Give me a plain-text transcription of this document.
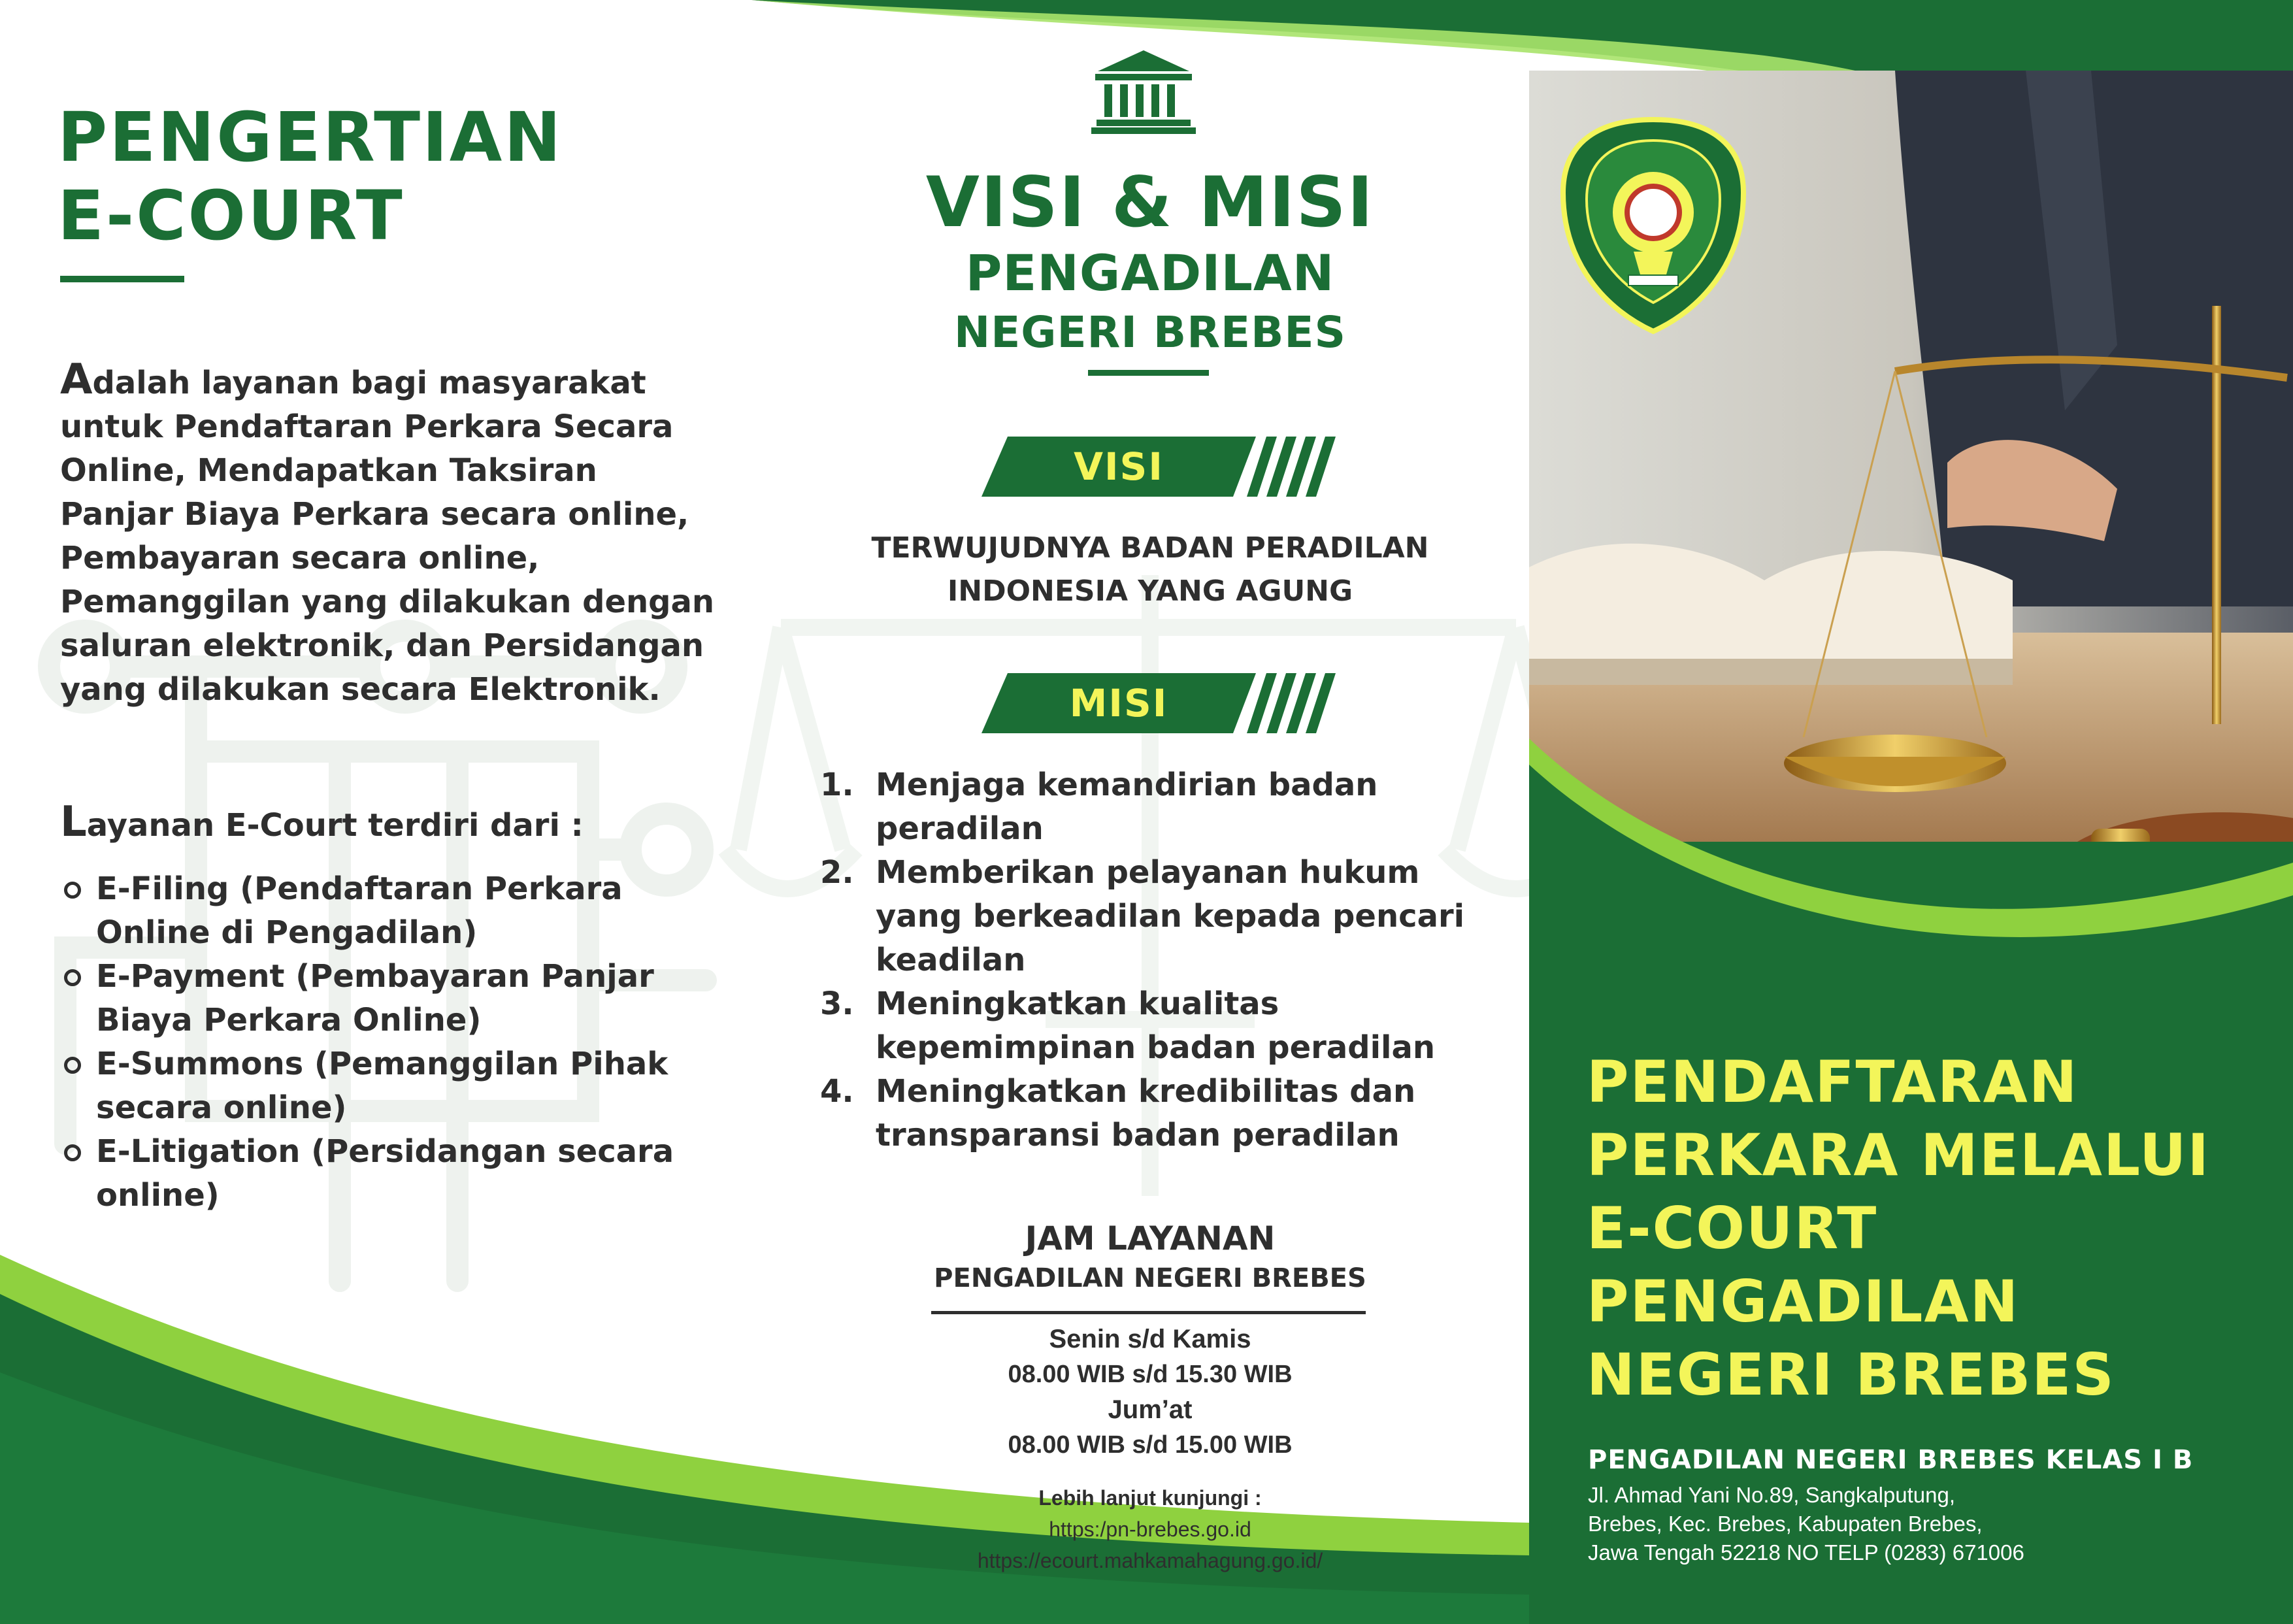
PENGERTIAN
E-COURT
Adalah layanan bagi masyarakat untuk Pendaftaran Perkara Secara Online, Mendapatkan Taksiran Panjar Biaya Perkara secara online, Pembayaran secara online, Pemanggilan yang dilakukan dengan saluran elektronik, dan Persidangan yang dilakukan secara Elektronik.
Layanan E-Court terdiri dari :
E-Filing (Pendaftaran Perkara Online di Pengadilan)
E-Payment (Pembayaran Panjar Biaya Perkara Online)
E-Summons (Pemanggilan Pihak secara online)
E-Litigation (Persidangan secara online)
VISI & MISI
PENGADILAN
NEGERI BREBES
VISI
TERWUJUDNYA BADAN PERADILAN
INDONESIA YANG AGUNG
MISI
1. Menjaga kemandirian badan peradilan
2. Memberikan pelayanan hukum yang berkeadilan kepada pencari keadilan
3. Meningkatkan kualitas kepemimpinan badan peradilan
4. Meningkatkan kredibilitas dan transparansi badan peradilan
JAM LAYANAN
PENGADILAN NEGERI BREBES
Senin s/d Kamis
08.00 WIB s/d 15.30 WIB
Jum’at
08.00 WIB s/d 15.00 WIB
Lebih lanjut kunjungi :
https:/pn-brebes.go.id
https://ecourt.mahkamahagung.go.id/
PENDAFTARAN
PERKARA MELALUI
E-COURT
PENGADILAN
NEGERI BREBES
PENGADILAN NEGERI BREBES KELAS I B
Jl. Ahmad Yani No.89, Sangkalputung,
Brebes, Kec. Brebes, Kabupaten Brebes,
Jawa Tengah 52218 NO TELP (0283) 671006
